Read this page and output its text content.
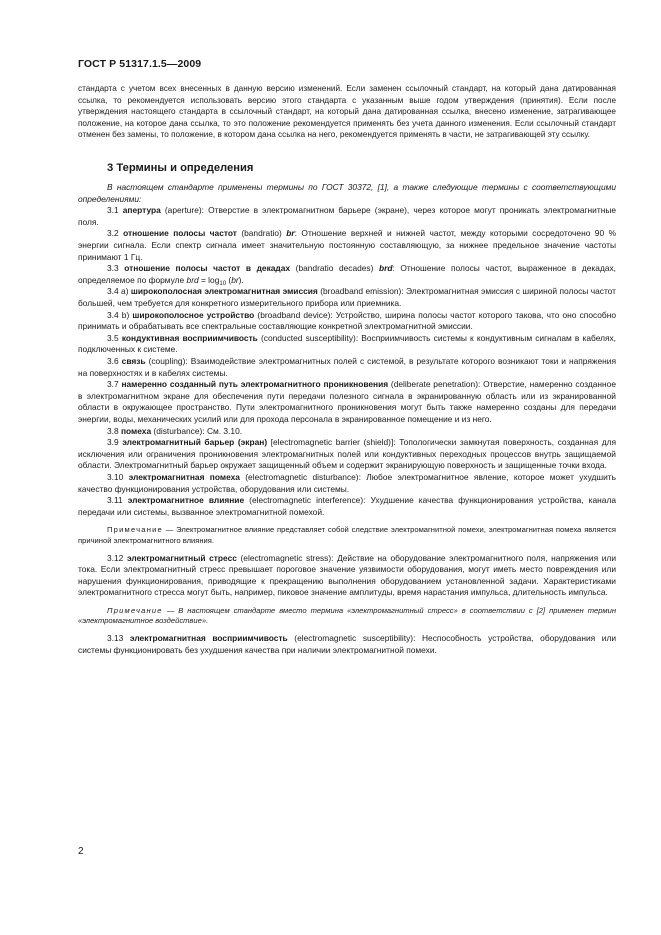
ГОСТ Р 51317.1.5—2009

стандарта с учетом всех внесенных в данную версию изменений. Если заменен ссылочный стандарт, на который дана датированная ссылка, то рекомендуется использовать версию этого стандарта с указанным выше годом утверждения (принятия). Если после утверждения настоящего стандарта в ссылочный стандарт, на который дана датированная ссылка, внесено изменение, затрагивающее положение, на которое дана ссылка, то это положение рекомендуется применять без учета данного изменения. Если ссылочный стандарт отменен без замены, то положение, в котором дана ссылка на него, рекомендуется применять в части, не затрагивающей эту ссылку.

3 Термины и определения

В настоящем стандарте применены термины по ГОСТ 30372, [1], а также следующие термины с соответствующими определениями:

3.1 апертура (aperture): Отверстие в электромагнитном барьере (экране), через которое могут проникать электромагнитные поля.

3.2 отношение полосы частот (bandratio) br: Отношение верхней и нижней частот, между которыми сосредоточено 90 % энергии сигнала. Если спектр сигнала имеет значительную постоянную составляющую, за нижнее предельное значение частоты принимают 1 Гц.

3.3 отношение полосы частот в декадах (bandratio decades) brd: Отношение полосы частот, выраженное в декадах, определяемое по формуле brd = $\log_{10} (br)$.

3.4 a) широкополосная электромагнитная эмиссия (broadband emission): Электромагнитная эмиссия с шириной полосы частот большей, чем требуется для конкретного измерительного прибора или приемника.

3.4 b) широкополосное устройство (broadband device): Устройство, ширина полосы частот которого такова, что оно способно принимать и обрабатывать все спектральные составляющие конкретной электромагнитной эмиссии.

3.5 кондуктивная восприимчивость (conducted susceptibility): Восприимчивость системы к кондуктивным сигналам в кабелях, подключенных к системе.

3.6 связь (coupling): Взаимодействие электромагнитных полей с системой, в результате которого возникают токи и напряжения на поверхностях и в кабелях системы.

3.7 намеренно созданный путь электромагнитного проникновения (deliberate penetration): Отверстие, намеренно созданное в электромагнитном экране для обеспечения пути передачи полезного сигнала в экранированную область или из экранированной области в окружающее пространство. Пути электромагнитного проникновения могут быть также намеренно созданы для передачи энергии, воды, механических усилий или для прохода персонала в экранированное помещение и из него.

3.8 помеха (disturbance): См. 3.10.

3.9 электромагнитный барьер (экран) [electromagnetic barrier (shield)]: Топологически замкнутая поверхность, созданная для исключения или ограничения проникновения электромагнитных полей или кондуктивных переходных процессов внутрь защищаемой области. Электромагнитный барьер окружает защищенный объем и содержит экранирующую поверхность и защищенные точки входа.

3.10 электромагнитная помеха (electromagnetic disturbance): Любое электромагнитное явление, которое может ухудшить качество функционирования устройства, оборудования или системы.

3.11 электромагнитное влияние (electromagnetic interference): Ухудшение качества функционирования устройства, канала передачи или системы, вызванное электромагнитной помехой.

Примечание — Электромагнитное влияние представляет собой следствие электромагнитной помехи, электромагнитная помеха является причиной электромагнитного влияния.

3.12 электромагнитный стресс (electromagnetic stress): Действие на оборудование электромагнитного поля, напряжения или тока. Если электромагнитный стресс превышает пороговое значение уязвимости оборудования, могут иметь место повреждения или нарушения функционирования, приводящие к прекращению выполнения оборудованием установленной задачи. Характеристиками электромагнитного стресса могут быть, например, пиковое значение амплитуды, время нарастания импульса, длительность импульса.

Примечание — В настоящем стандарте вместо термина «электромагнитный стресс» в соответствии с [2] применен термин «электромагнитное воздействие».

3.13 электромагнитная восприимчивость (electromagnetic susceptibility): Неспособность устройства, оборудования или системы функционировать без ухудшения качества при наличии электромагнитной помехи.

2
